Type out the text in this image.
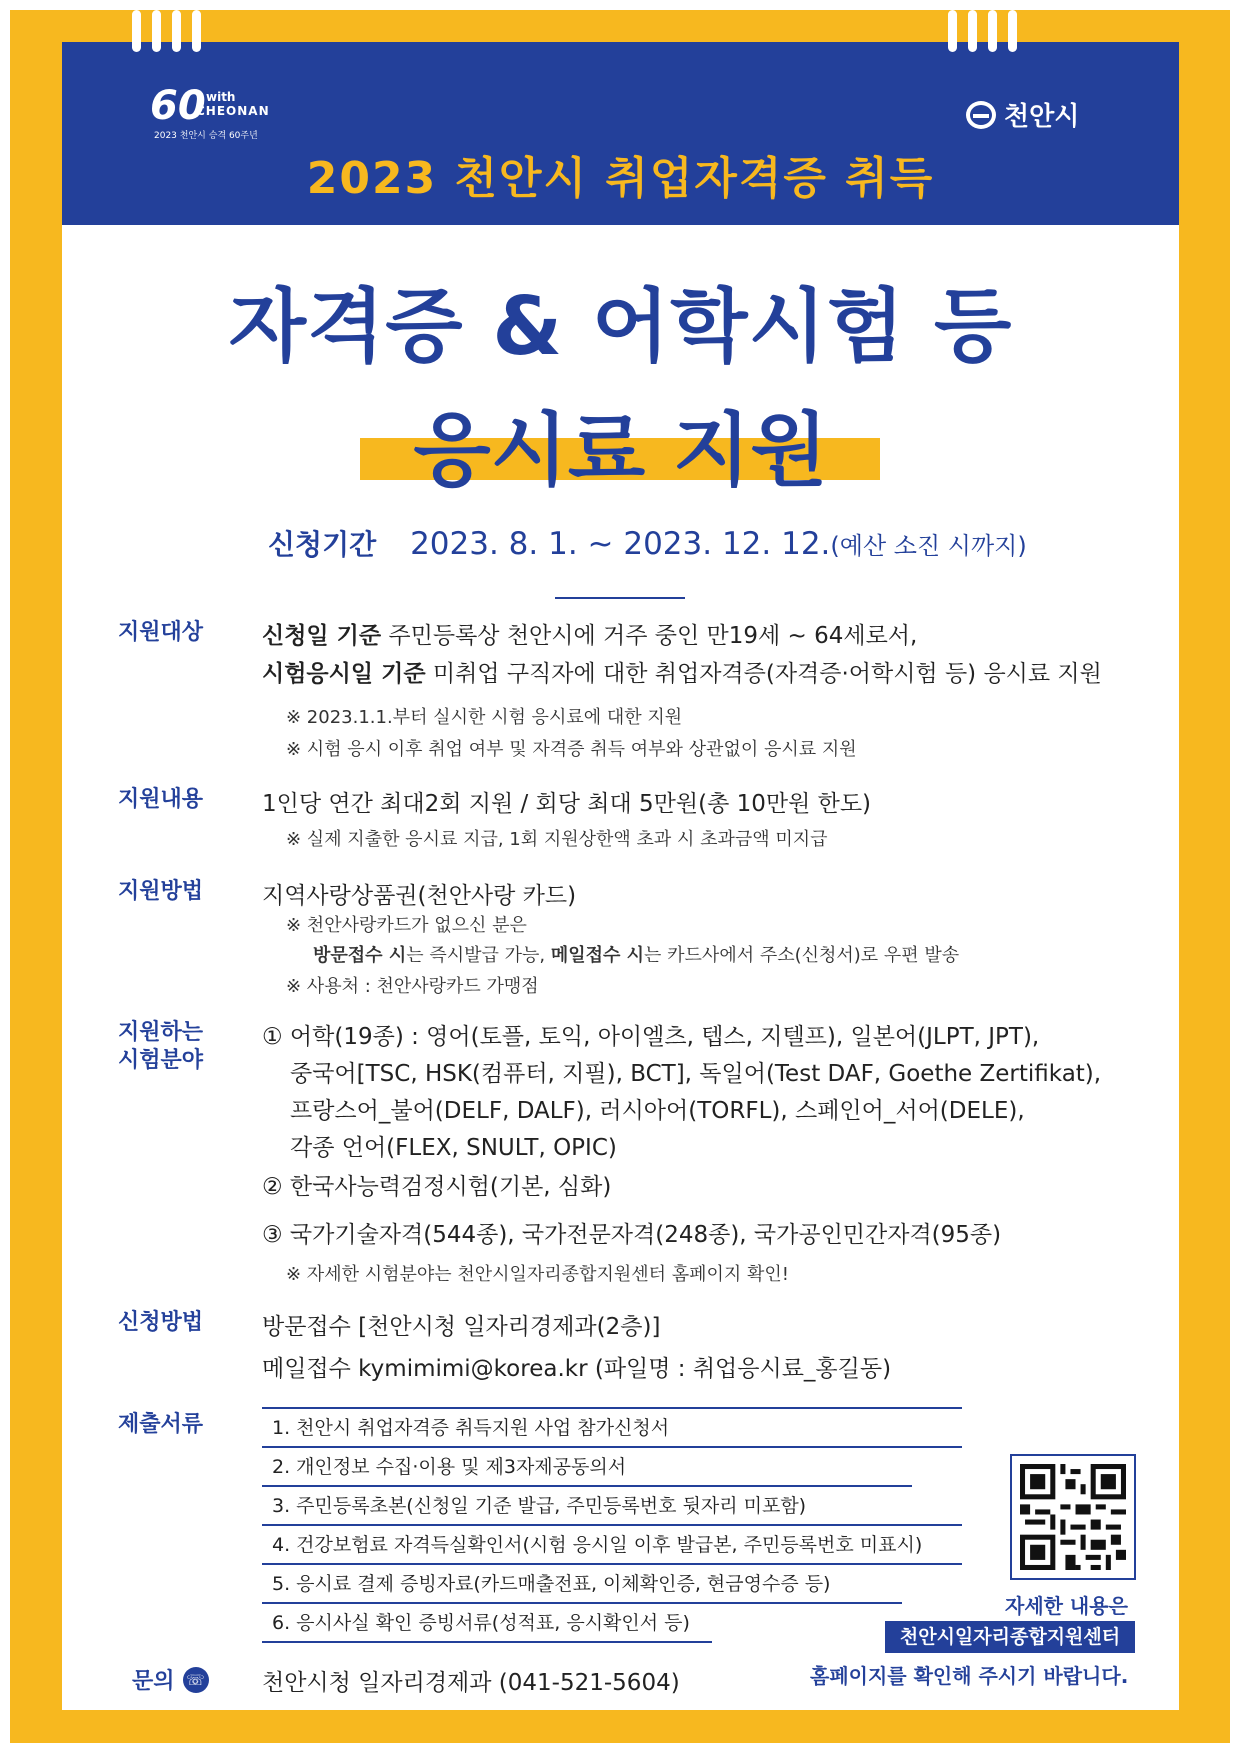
60 with
CHEONAN
2023 천안시 승격 60주년
천안시
2023 천안시 취업자격증 취득
자격증 & 어학시험 등
응시료 지원
신청기간 2023. 8. 1. ~ 2023. 12. 12.(예산 소진 시까지)
지원대상	신청일 기준 주민등록상 천안시에 거주 중인 만19세 ~ 64세로서,
시험응시일 기준 미취업 구직자에 대한 취업자격증(자격증·어학시험 등) 응시료 지원
※ 2023.1.1.부터 실시한 시험 응시료에 대한 지원
※ 시험 응시 이후 취업 여부 및 자격증 취득 여부와 상관없이 응시료 지원
지원내용	1인당 연간 최대2회 지원 / 회당 최대 5만원(총 10만원 한도)
※ 실제 지출한 응시료 지급, 1회 지원상한액 초과 시 초과금액 미지급
지원방법	지역사랑상품권(천안사랑 카드)
※ 천안사랑카드가 없으신 분은
방문접수 시는 즉시발급 가능, 메일접수 시는 카드사에서 주소(신청서)로 우편 발송
※ 사용처 : 천안사랑카드 가맹점
지원하는
시험분야
① 어학(19종) : 영어(토플, 토익, 아이엘츠, 텝스, 지텔프), 일본어(JLPT, JPT),
중국어[TSC, HSK(컴퓨터, 지필), BCT], 독일어(Test DAF, Goethe Zertifikat),
프랑스어_불어(DELF, DALF), 러시아어(TORFL), 스페인어_서어(DELE),
각종 언어(FLEX, SNULT, OPIC)
② 한국사능력검정시험(기본, 심화)
③ 국가기술자격(544종), 국가전문자격(248종), 국가공인민간자격(95종)
※ 자세한 시험분야는 천안시일자리종합지원센터 홈페이지 확인!
신청방법	방문접수 [천안시청 일자리경제과(2층)]
메일접수 kymimimi@korea.kr (파일명 : 취업응시료_홍길동)
제출서류	1. 천안시 취업자격증 취득지원 사업 참가신청서
2. 개인정보 수집·이용 및 제3자제공동의서
3. 주민등록초본(신청일 기준 발급, 주민등록번호 뒷자리 미포함)
4. 건강보험료 자격득실확인서(시험 응시일 이후 발급본, 주민등록번호 미표시)
5. 응시료 결제 증빙자료(카드매출전표, 이체확인증, 현금영수증 등)
6. 응시사실 확인 증빙서류(성적표, 응시확인서 등)
자세한 내용은
천안시일자리종합지원센터
홈페이지를 확인해 주시기 바랍니다.
문의 ☏ 천안시청 일자리경제과 (041-521-5604)
